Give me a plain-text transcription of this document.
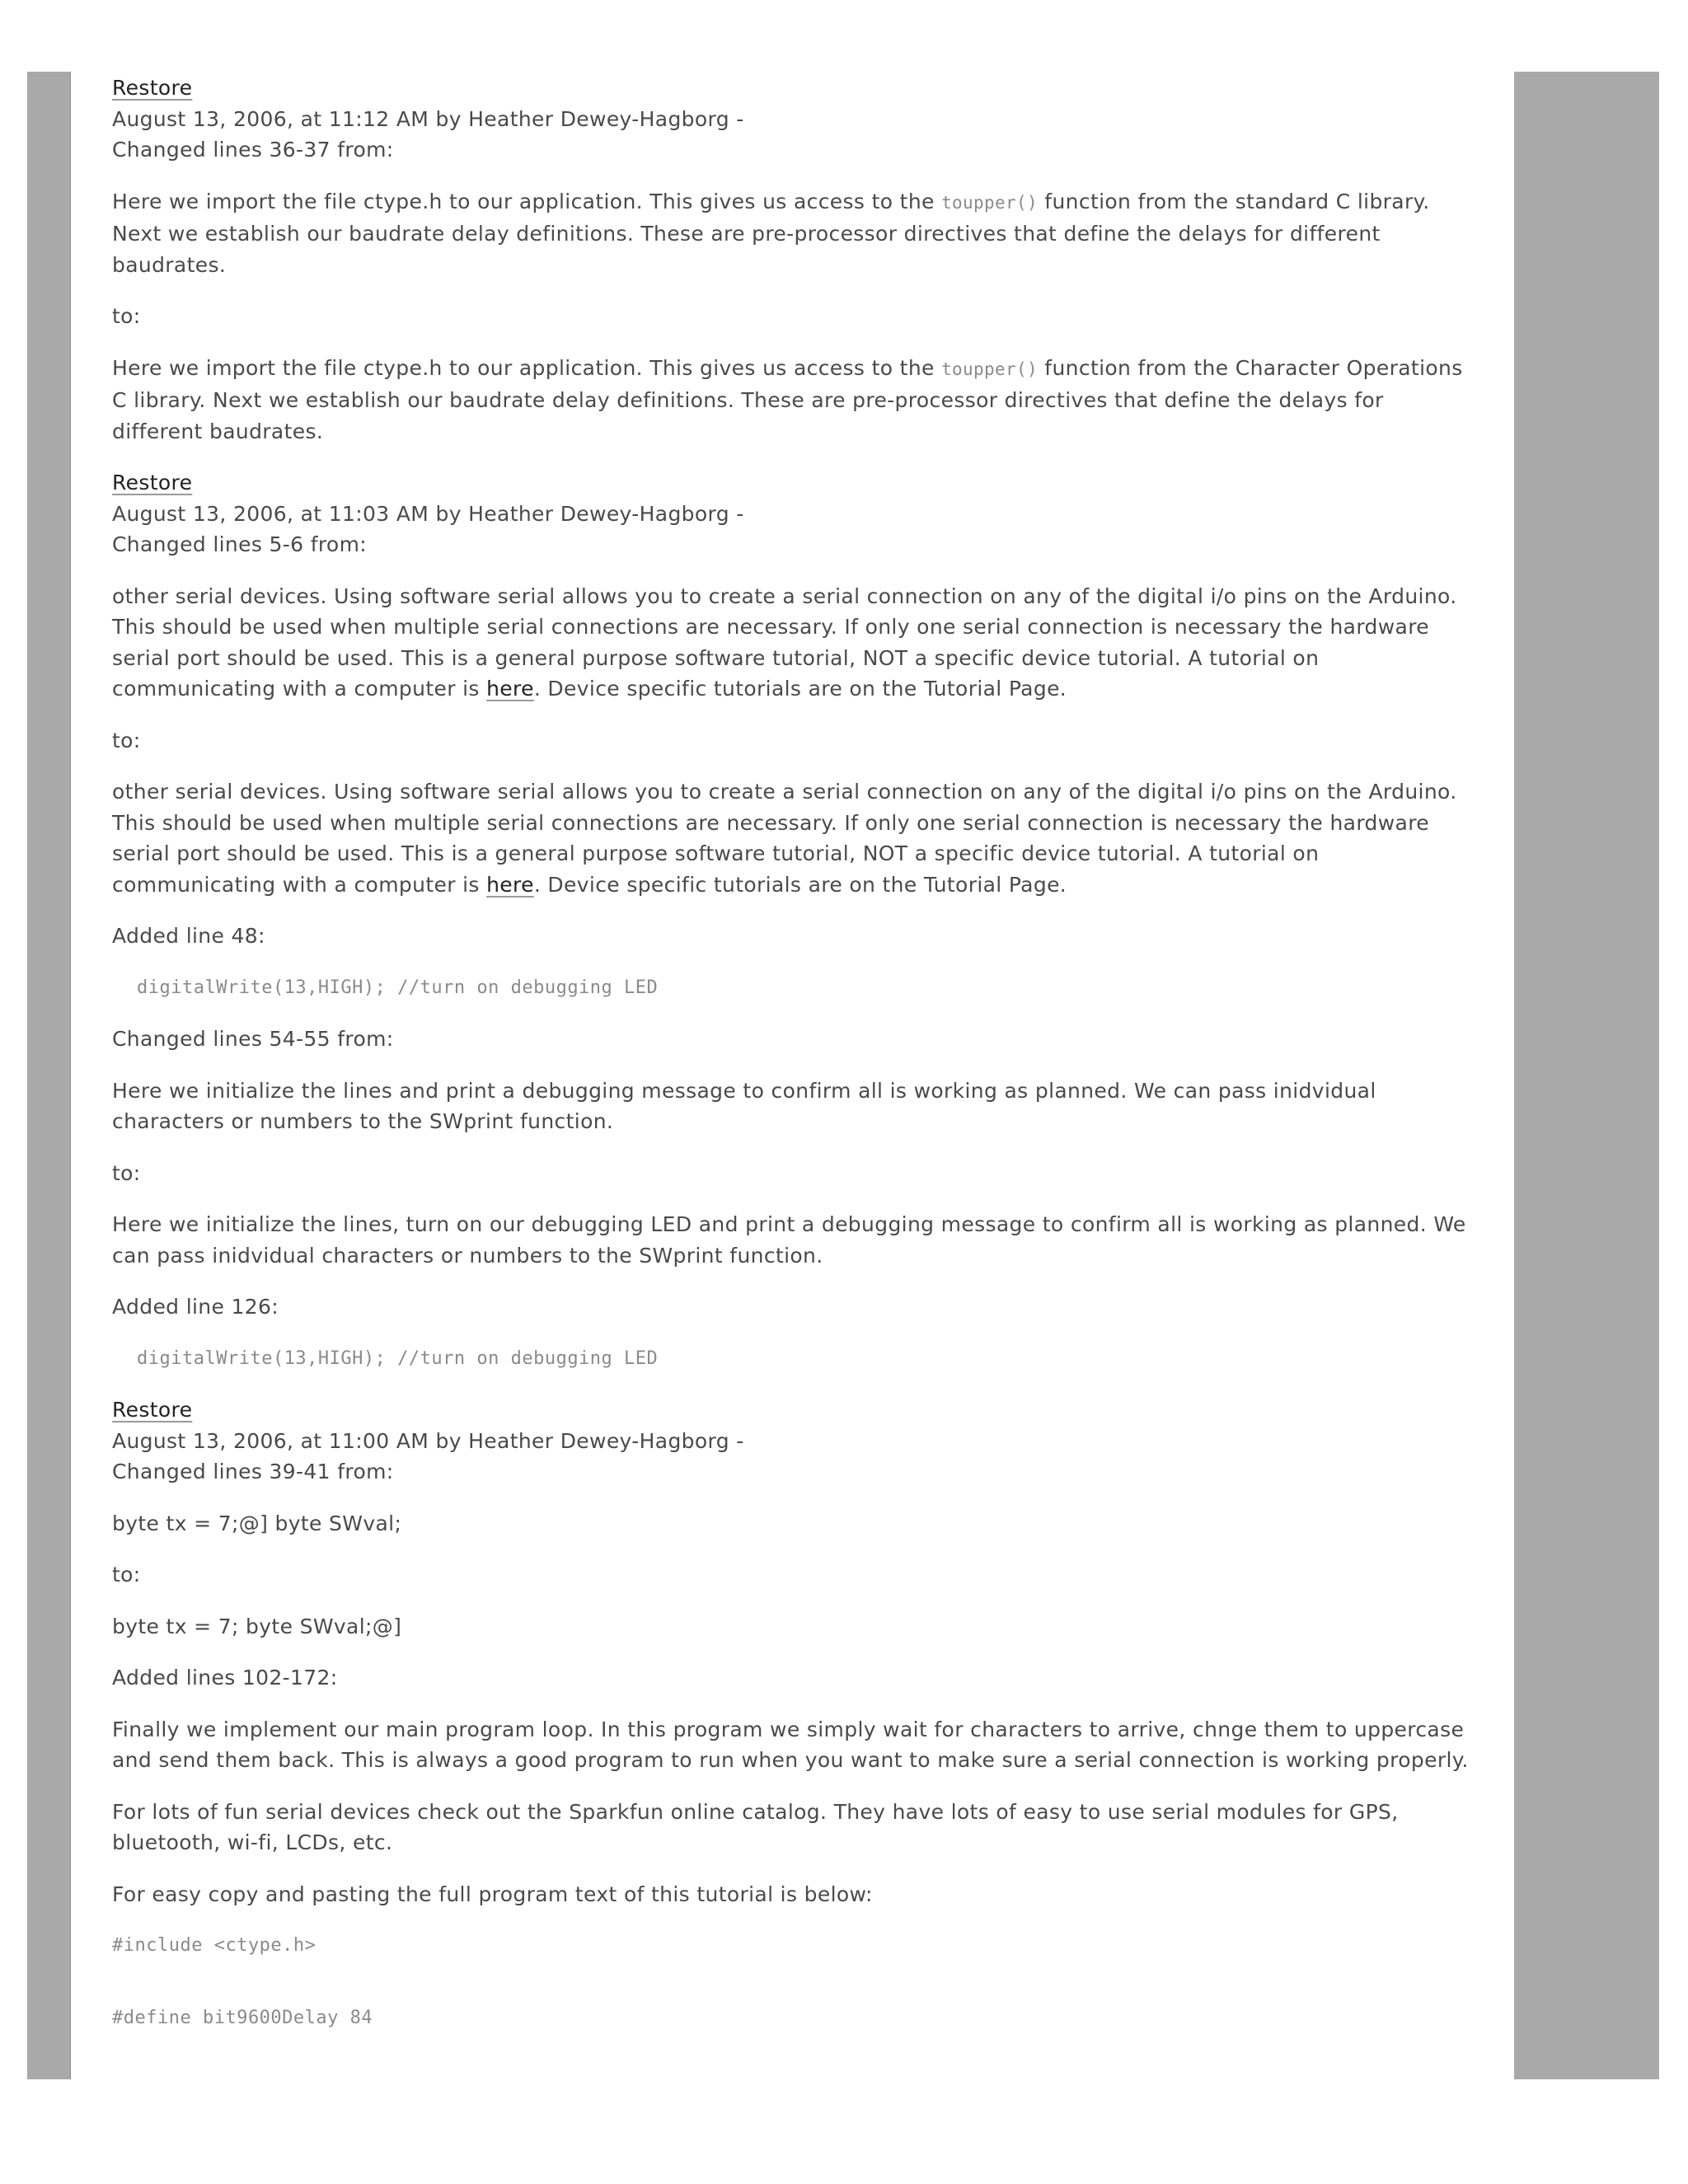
Restore
August 13, 2006, at 11:12 AM by Heather Dewey-Hagborg -
Changed lines 36-37 from:

Here we import the file ctype.h to our application. This gives us access to the toupper() function from the standard C library. Next we establish our baudrate delay definitions. These are pre-processor directives that define the delays for different baudrates.

to:

Here we import the file ctype.h to our application. This gives us access to the toupper() function from the Character Operations C library. Next we establish our baudrate delay definitions. These are pre-processor directives that define the delays for different baudrates.

Restore
August 13, 2006, at 11:03 AM by Heather Dewey-Hagborg -
Changed lines 5-6 from:

other serial devices. Using software serial allows you to create a serial connection on any of the digital i/o pins on the Arduino. This should be used when multiple serial connections are necessary. If only one serial connection is necessary the hardware serial port should be used. This is a general purpose software tutorial, NOT a specific device tutorial. A tutorial on communicating with a computer is here. Device specific tutorials are on the Tutorial Page.

to:

other serial devices. Using software serial allows you to create a serial connection on any of the digital i/o pins on the Arduino. This should be used when multiple serial connections are necessary. If only one serial connection is necessary the hardware serial port should be used. This is a general purpose software tutorial, NOT a specific device tutorial. A tutorial on communicating with a computer is here. Device specific tutorials are on the Tutorial Page.

Added line 48:

digitalWrite(13,HIGH); //turn on debugging LED

Changed lines 54-55 from:

Here we initialize the lines and print a debugging message to confirm all is working as planned. We can pass inidvidual characters or numbers to the SWprint function.

to:

Here we initialize the lines, turn on our debugging LED and print a debugging message to confirm all is working as planned. We can pass inidvidual characters or numbers to the SWprint function.

Added line 126:

digitalWrite(13,HIGH); //turn on debugging LED

Restore
August 13, 2006, at 11:00 AM by Heather Dewey-Hagborg -
Changed lines 39-41 from:

byte tx = 7;@] byte SWval;

to:

byte tx = 7; byte SWval;@]

Added lines 102-172:

Finally we implement our main program loop. In this program we simply wait for characters to arrive, chnge them to uppercase and send them back. This is always a good program to run when you want to make sure a serial connection is working properly.

For lots of fun serial devices check out the Sparkfun online catalog. They have lots of easy to use serial modules for GPS, bluetooth, wi-fi, LCDs, etc.

For easy copy and pasting the full program text of this tutorial is below:

#include <ctype.h>

#define bit9600Delay 84
